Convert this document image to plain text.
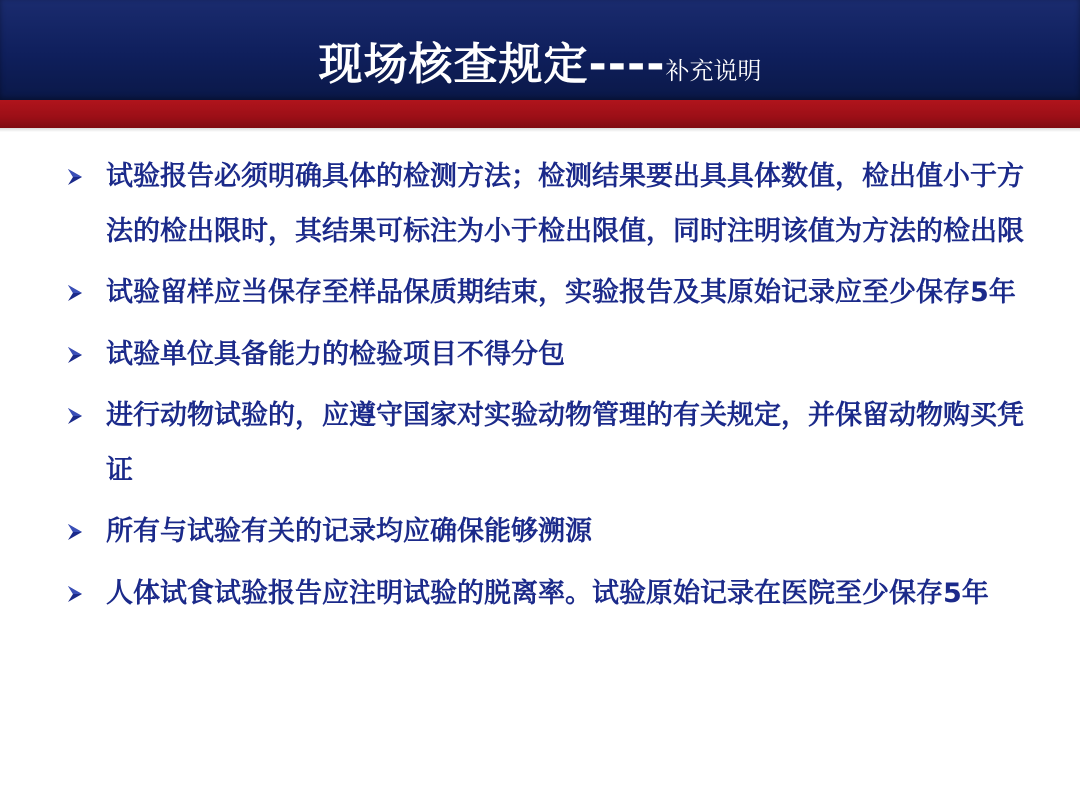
现场核查规定----补充说明
试验报告必须明确具体的检测方法；检测结果要出具具体数值，检出值小于方法的检出限时，其结果可标注为小于检出限值，同时注明该值为方法的检出限
试验留样应当保存至样品保质期结束，实验报告及其原始记录应至少保存5年
试验单位具备能力的检验项目不得分包
进行动物试验的，应遵守国家对实验动物管理的有关规定，并保留动物购买凭证
所有与试验有关的记录均应确保能够溯源
人体试食试验报告应注明试验的脱离率。试验原始记录在医院至少保存5年
